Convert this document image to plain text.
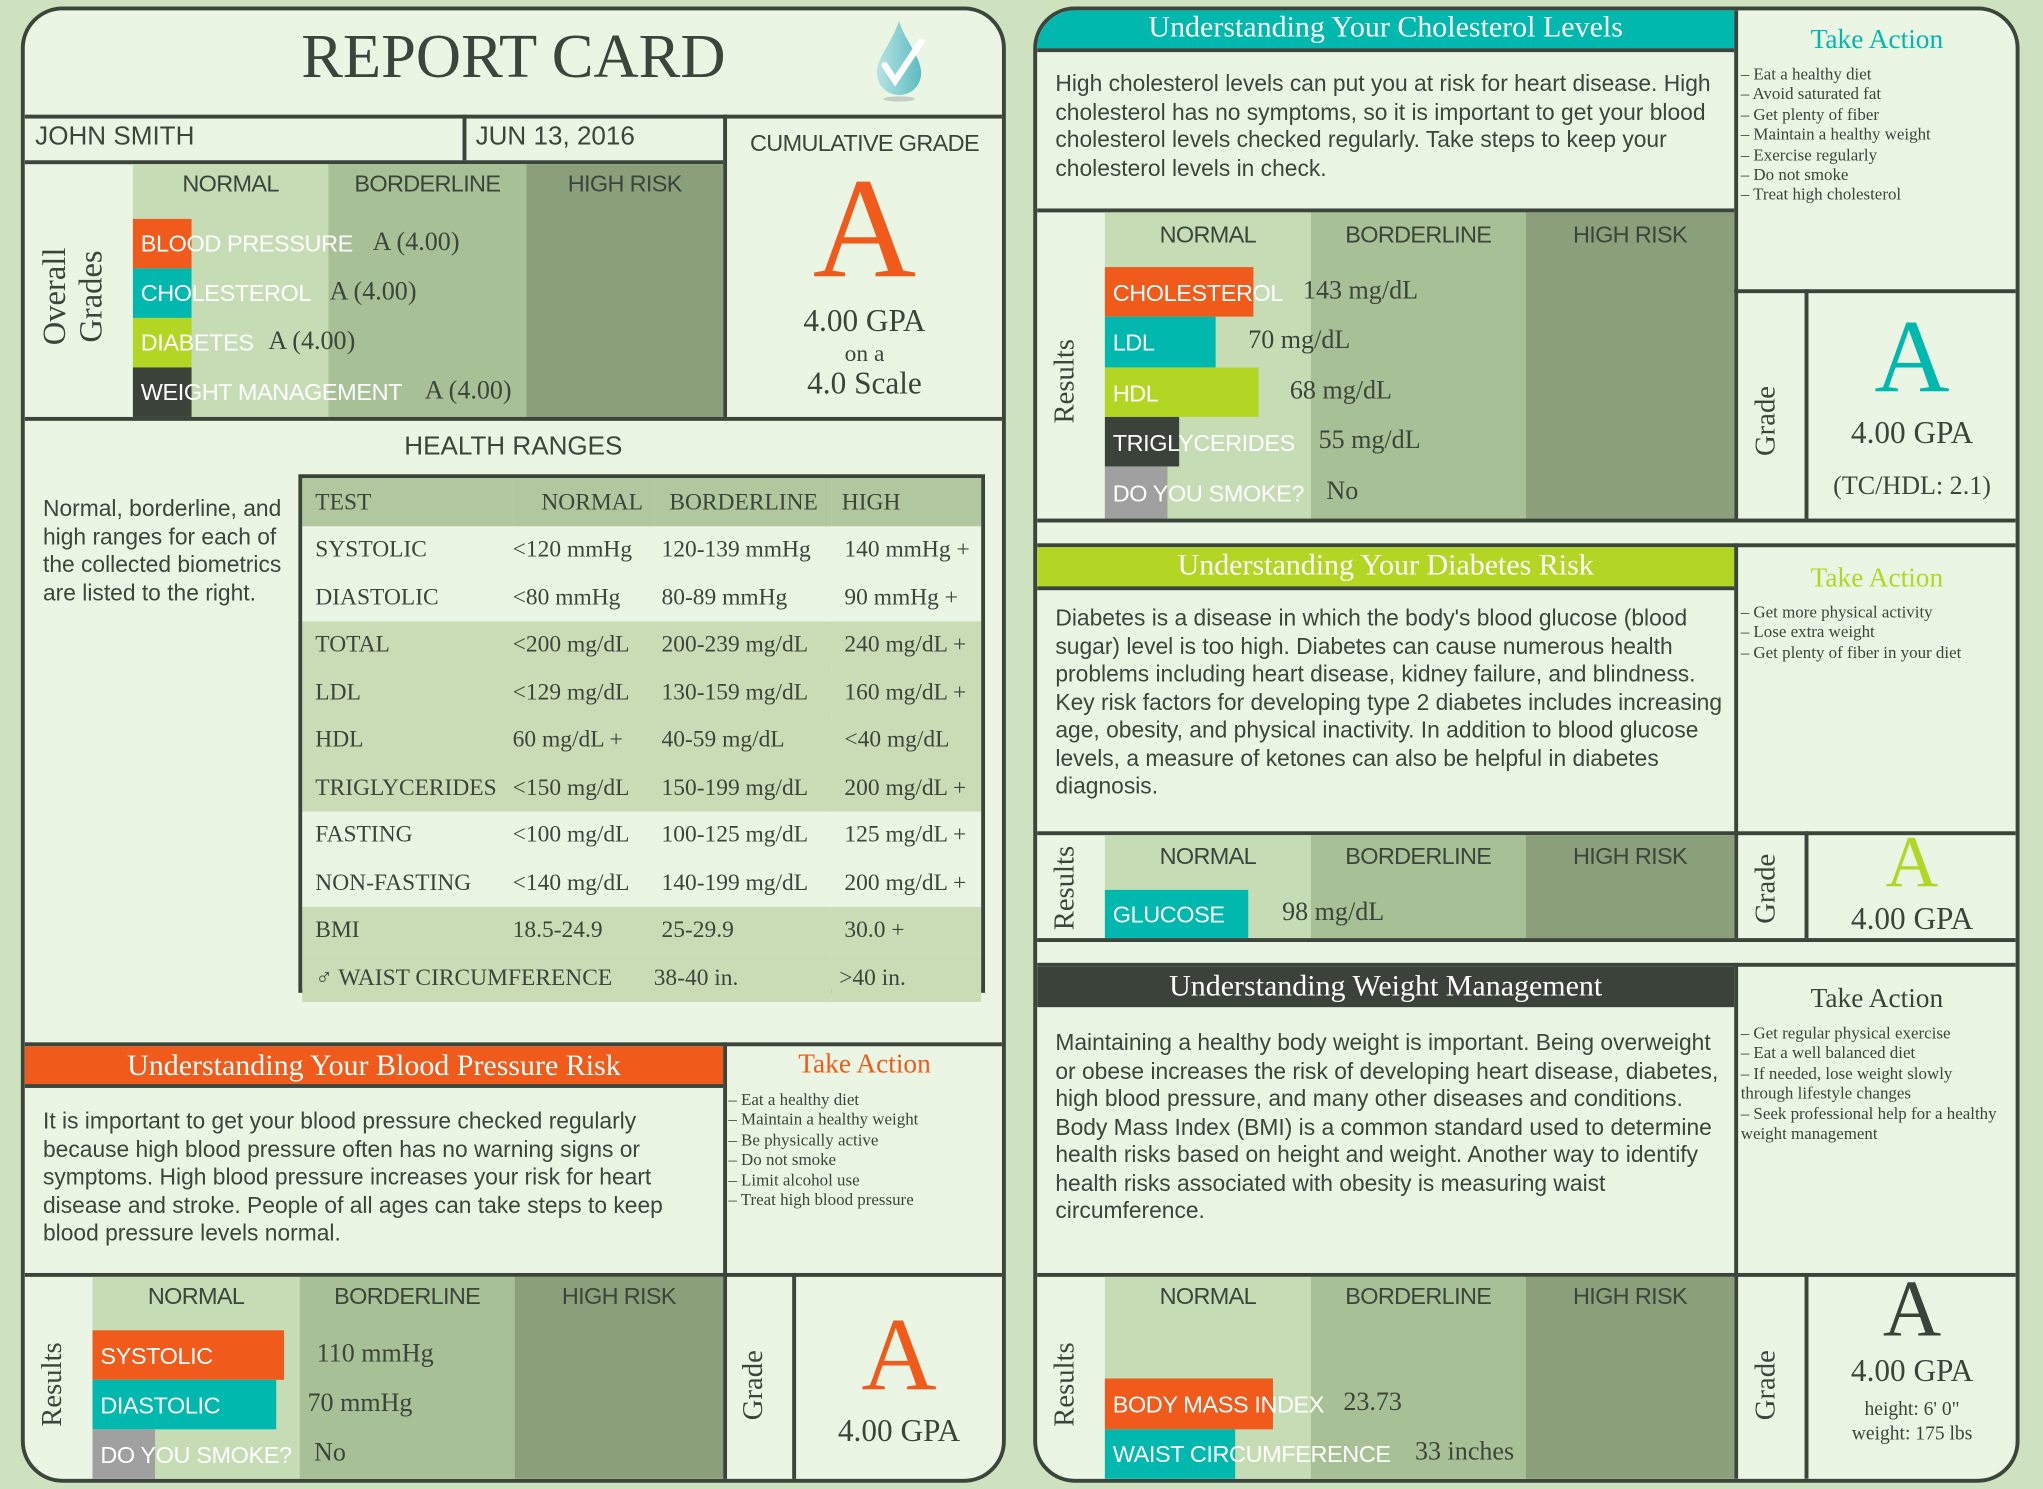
REPORT CARD
JOHN SMITH	JUN 13, 2016
Overall
Grades
NORMAL	BORDERLINE	HIGH RISK
BLOOD PRESSURE A (4.00)
CHOLESTEROL A (4.00)
DIABETES A (4.00)
WEIGHT MANAGEMENT A (4.00)
CUMULATIVE GRADE
A
4.00 GPA
on a
4.0 Scale
HEALTH RANGES
Normal, borderline, and high ranges for each of the collected biometrics are listed to the right.
TEST	NORMAL	BORDERLINE	HIGH
SYSTOLIC	<120 mmHg	120-139 mmHg	140 mmHg +
DIASTOLIC	<80 mmHg	80-89 mmHg	90 mmHg +
TOTAL	<200 mg/dL	200-239 mg/dL	240 mg/dL +
LDL	<129 mg/dL	130-159 mg/dL	160 mg/dL +
HDL	60 mg/dL +	40-59 mg/dL	<40 mg/dL
TRIGLYCERIDES	<150 mg/dL	150-199 mg/dL	200 mg/dL +
FASTING	<100 mg/dL	100-125 mg/dL	125 mg/dL +
NON-FASTING	<140 mg/dL	140-199 mg/dL	200 mg/dL +
BMI	18.5-24.9	25-29.9	30.0 +
♂ WAIST CIRCUMFERENCE		38-40 in.	>40 in.
Understanding Your Blood Pressure Risk	Take Action
– Eat a healthy diet
– Maintain a healthy weight
– Be physically active
– Do not smoke
– Limit alcohol use
– Treat high blood pressure
It is important to get your blood pressure checked regularly because high blood pressure often has no warning signs or symptoms. High blood pressure increases your risk for heart disease and stroke. People of all ages can take steps to keep blood pressure levels normal.
Results
NORMAL	BORDERLINE	HIGH RISK
SYSTOLIC	110 mmHg
DIASTOLIC	70 mmHg
DO YOU SMOKE? No
Grade	A
4.00 GPA
Understanding Your Cholesterol Levels	Take Action
– Eat a healthy diet
– Avoid saturated fat
– Get plenty of fiber
– Maintain a healthy weight
– Exercise regularly
– Do not smoke
– Treat high cholesterol
High cholesterol levels can put you at risk for heart disease. High cholesterol has no symptoms, so it is important to get your blood cholesterol levels checked regularly. Take steps to keep your cholesterol levels in check.
Results
NORMAL	BORDERLINE	HIGH RISK
CHOLESTEROL 143 mg/dL
LDL	70 mg/dL
HDL	68 mg/dL
TRIGLYCERIDES 55 mg/dL
DO YOU SMOKE? No
Grade
A
4.00 GPA
(TC/HDL: 2.1)
Understanding Your Diabetes Risk	Take Action
– Get more physical activity
– Lose extra weight
– Get plenty of fiber in your diet
Diabetes is a disease in which the body's blood glucose (blood sugar) level is too high. Diabetes can cause numerous health problems including heart disease, kidney failure, and blindness. Key risk factors for developing type 2 diabetes includes increasing age, obesity, and physical inactivity. In addition to blood glucose levels, a measure of ketones can also be helpful in diabetes diagnosis.
Results	NORMAL	BORDERLINE	HIGH RISK
GLUCOSE	98 mg/dL	Grade	A
4.00 GPA
Understanding Weight Management	Take Action
– Get regular physical exercise
– Eat a well balanced diet
– If needed, lose weight slowly through lifestyle changes
– Seek professional help for a healthy weight management
Maintaining a healthy body weight is important. Being overweight or obese increases the risk of developing heart disease, diabetes, high blood pressure, and many other diseases and conditions. Body Mass Index (BMI) is a common standard used to determine health risks based on height and weight. Another way to identify health risks associated with obesity is measuring waist circumference.
Results
NORMAL	BORDERLINE	HIGH RISK
BODY MASS INDEX 23.73
WAIST CIRCUMFERENCE 33 inches
Grade
A
4.00 GPA
height: 6' 0"
weight: 175 lbs
